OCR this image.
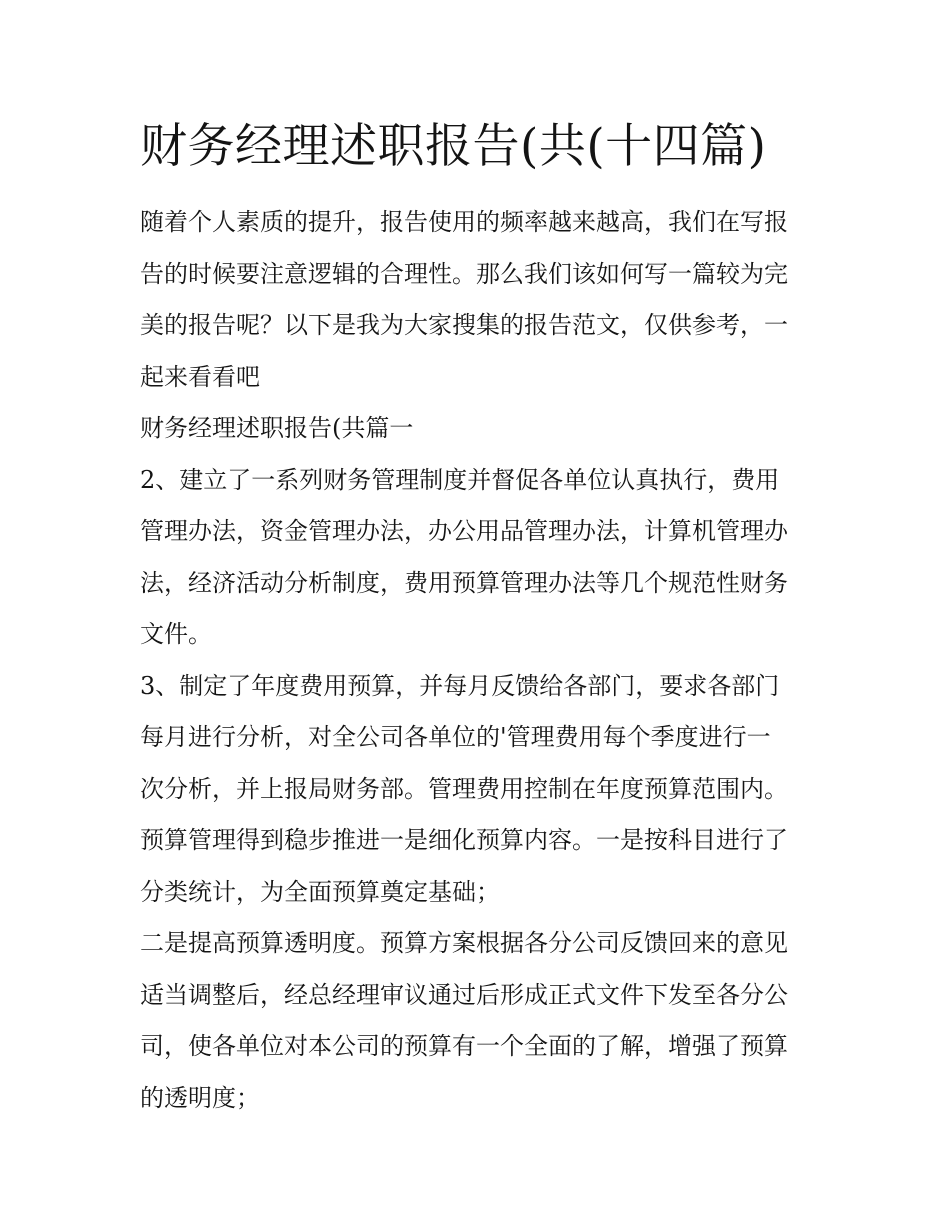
财务经理述职报告(共(十四篇)
随着个人素质的提升，报告使用的频率越来越高，我们在写报
告的时候要注意逻辑的合理性。那么我们该如何写一篇较为完
美的报告呢？以下是我为大家搜集的报告范文，仅供参考，一
起来看看吧
财务经理述职报告(共篇一
2、建立了一系列财务管理制度并督促各单位认真执行，费用
管理办法，资金管理办法，办公用品管理办法，计算机管理办
法，经济活动分析制度，费用预算管理办法等几个规范性财务
文件。
3、制定了年度费用预算，并每月反馈给各部门，要求各部门
每月进行分析，对全公司各单位的'管理费用每个季度进行一
次分析，并上报局财务部。管理费用控制在年度预算范围内。
预算管理得到稳步推进一是细化预算内容。一是按科目进行了
分类统计，为全面预算奠定基础；
二是提高预算透明度。预算方案根据各分公司反馈回来的意见
适当调整后，经总经理审议通过后形成正式文件下发至各分公
司，使各单位对本公司的预算有一个全面的了解，增强了预算
的透明度；
